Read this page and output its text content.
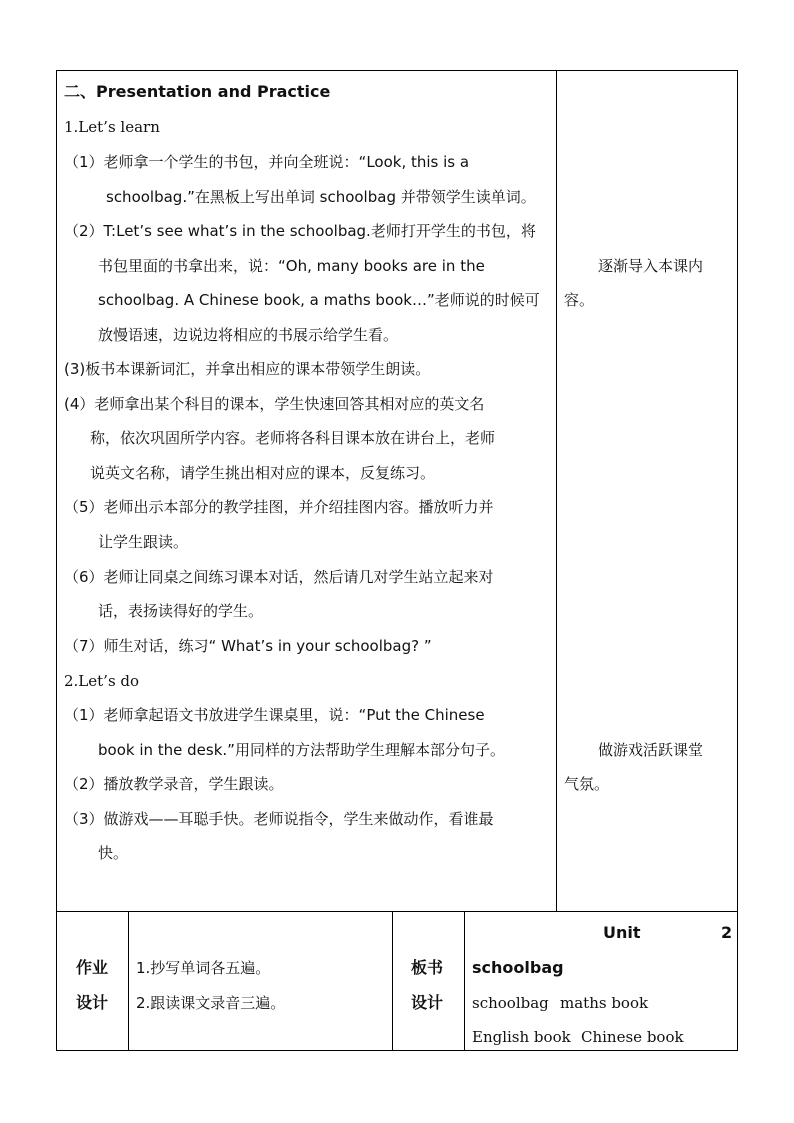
二、Presentation and Practice
1.Let’s learn
（1）老师拿一个学生的书包，并向全班说：“Look, this is a
schoolbag.”在黑板上写出单词 schoolbag 并带领学生读单词。
（2）T:Let’s see what’s in the schoolbag.老师打开学生的书包，将
书包里面的书拿出来，说：“Oh, many books are in the
schoolbag. A Chinese book, a maths book…”老师说的时候可
放慢语速，边说边将相应的书展示给学生看。
(3)板书本课新词汇，并拿出相应的课本带领学生朗读。
(4）老师拿出某个科目的课本，学生快速回答其相对应的英文名
称，依次巩固所学内容。老师将各科目课本放在讲台上，老师
说英文名称，请学生挑出相对应的课本，反复练习。
（5）老师出示本部分的教学挂图，并介绍挂图内容。播放听力并
让学生跟读。
（6）老师让同桌之间练习课本对话，然后请几对学生站立起来对
话，表扬读得好的学生。
（7）师生对话，练习“ What’s in your schoolbag? ”
2.Let’s do
（1）老师拿起语文书放进学生课桌里，说：“Put the Chinese
book in the desk.”用同样的方法帮助学生理解本部分句子。
（2）播放教学录音，学生跟读。
（3）做游戏——耳聪手快。老师说指令，学生来做动作，看谁最
快。
逐渐导入本课内
容。
做游戏活跃课堂
气氛。
作业
设计
1.抄写单词各五遍。
2.跟读课文录音三遍。
板书
设计
Unit	2
schoolbag
schoolbag maths book
English book Chinese book
